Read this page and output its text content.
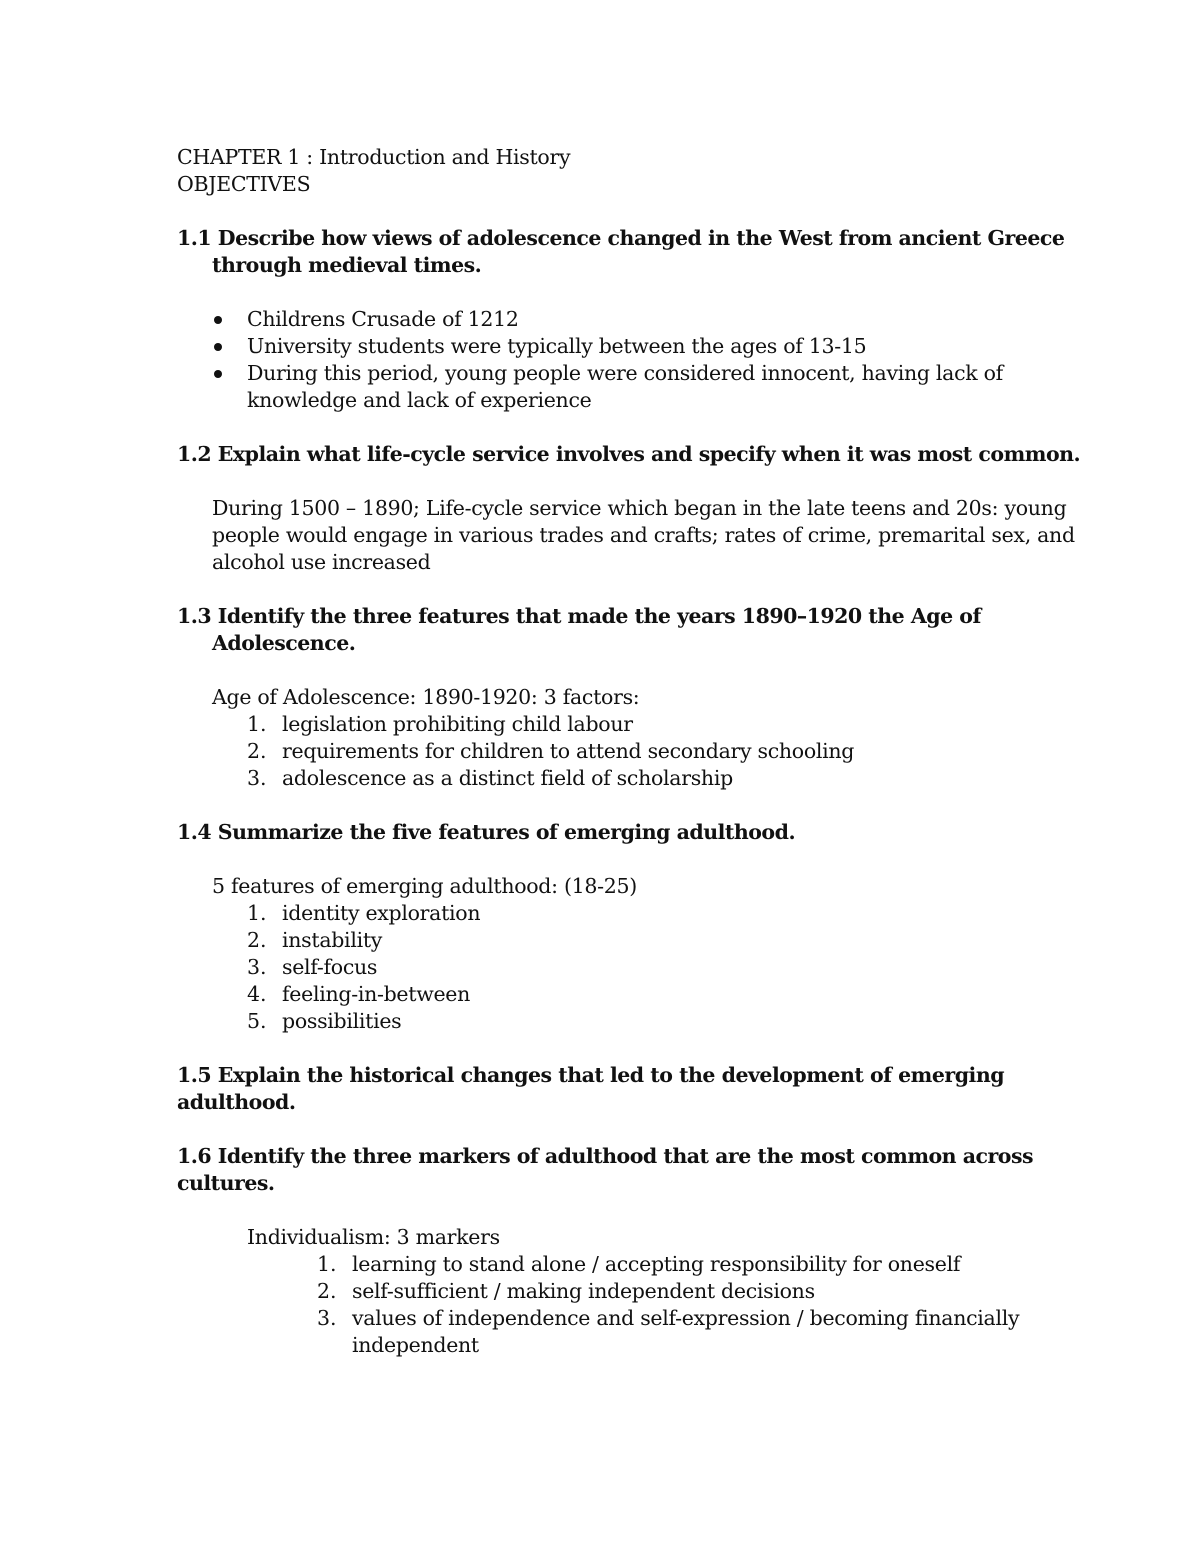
CHAPTER 1 : Introduction and History
OBJECTIVES
1.1 Describe how views of adolescence changed in the West from ancient Greece
through medieval times.
Childrens Crusade of 1212
University students were typically between the ages of 13-15
During this period, young people were considered innocent, having lack of
knowledge and lack of experience
1.2 Explain what life-cycle service involves and specify when it was most common.
During 1500 – 1890; Life-cycle service which began in the late teens and 20s: young
people would engage in various trades and crafts; rates of crime, premarital sex, and
alcohol use increased
1.3 Identify the three features that made the years 1890–1920 the Age of
Adolescence.
Age of Adolescence: 1890-1920: 3 factors:
1. legislation prohibiting child labour
2. requirements for children to attend secondary schooling
3. adolescence as a distinct field of scholarship
1.4 Summarize the five features of emerging adulthood.
5 features of emerging adulthood: (18-25)
1. identity exploration
2. instability
3. self-focus
4. feeling-in-between
5. possibilities
1.5 Explain the historical changes that led to the development of emerging
adulthood.
1.6 Identify the three markers of adulthood that are the most common across
cultures.
Individualism: 3 markers
1. learning to stand alone / accepting responsibility for oneself
2. self-sufficient / making independent decisions
3. values of independence and self-expression / becoming financially
independent
